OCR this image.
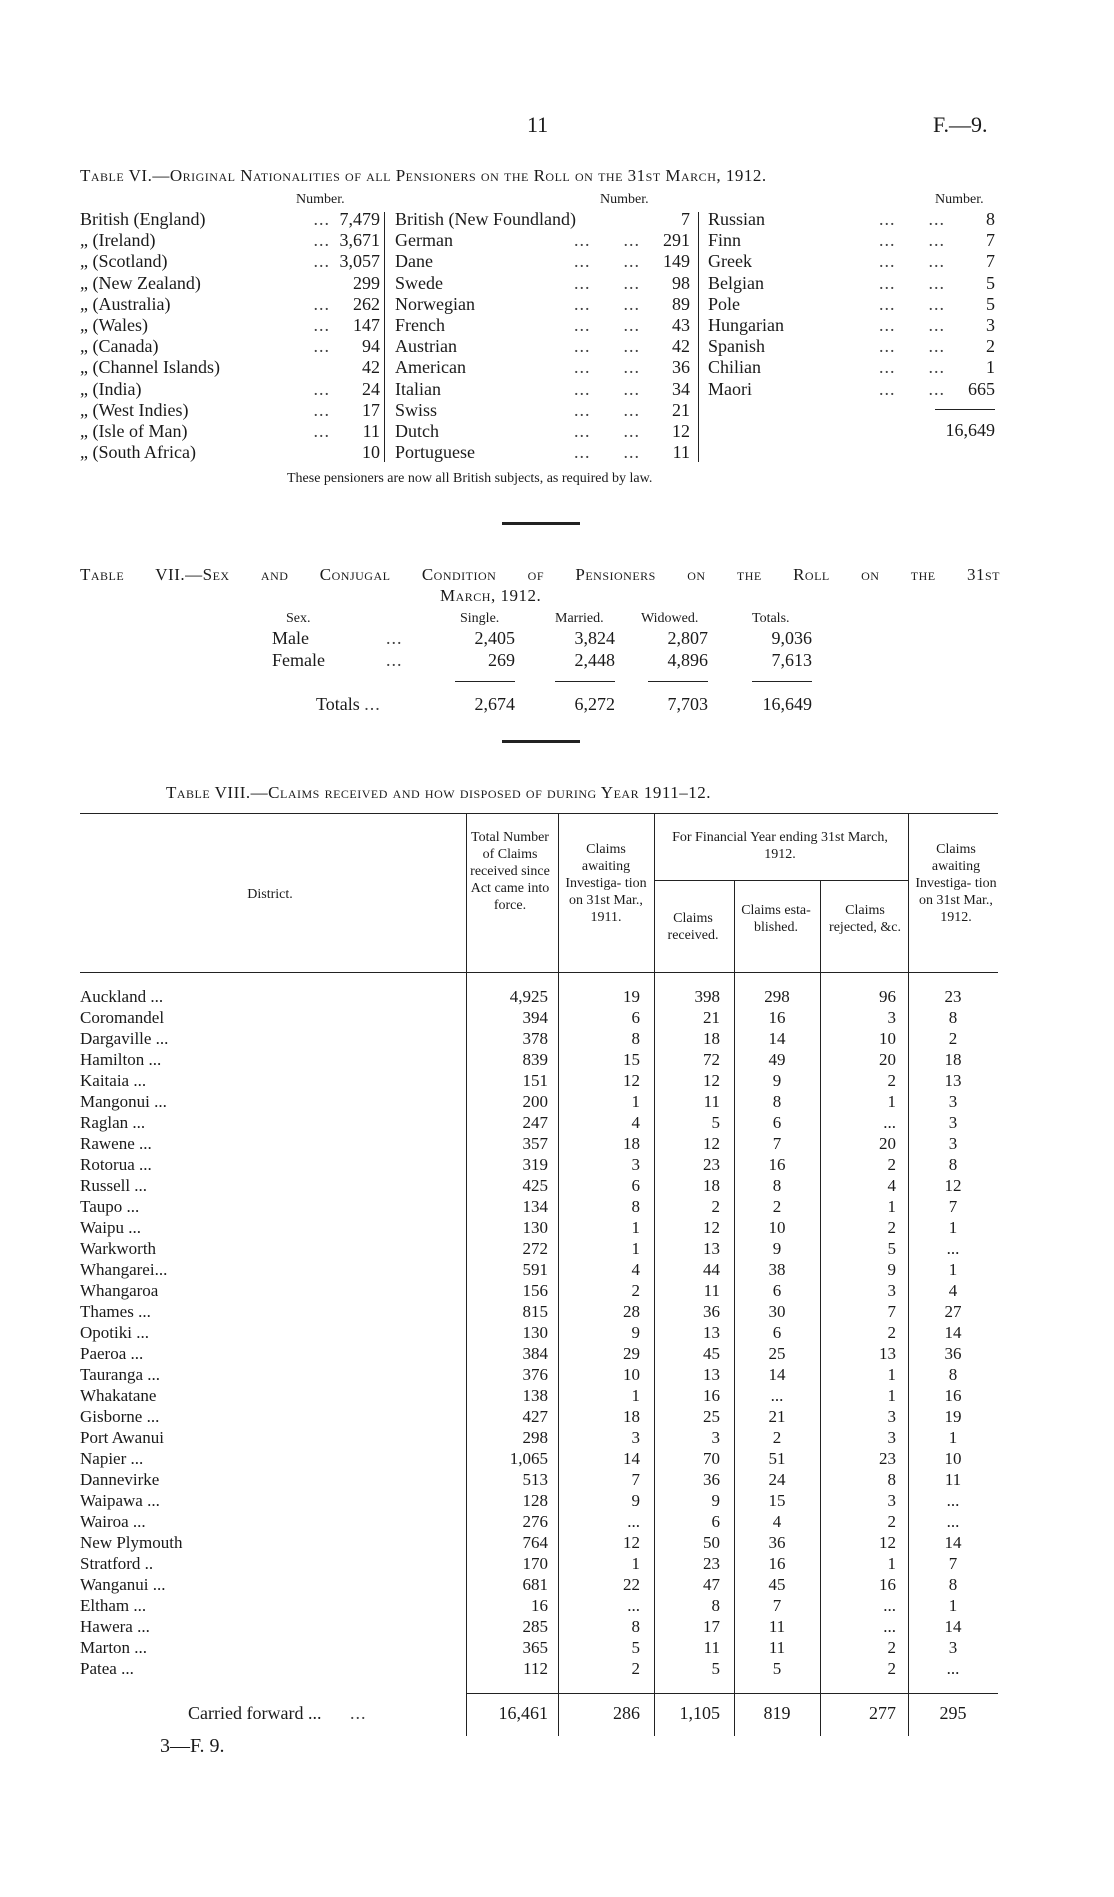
11	F.—9.
Table VI.—Original Nationalities of all Pensioners on the Roll on the 31st March, 1912.
Number.	Number.	Number.
British (England)	... 7,479
„ (Ireland)	... 3,671
„ (Scotland)	... 3,057
„ (New Zealand)	299
„ (Australia)	...	262
„ (Wales)	...	147
„ (Canada)	...	94
„ (Channel Islands)	42
„ (India)	...	24
„ (West Indies)	...	17
„ (Isle of Man)	...	11
„ (South Africa)	10
British (New Foundland)	7
German	...      ...	291
Dane	...      ...	149
Swede	...      ...	98
Norwegian	...      ...	89
French	...      ...	43
Austrian	...      ...	42
American	...      ...	36
Italian	...      ...	34
Swiss	...      ...	21
Dutch	...      ...	12
Portuguese	...      ...	11
Russian	...      ...	8
Finn	...      ...	7
Greek	...      ...	7
Belgian	...      ...	5
Pole	...      ...	5
Hungarian	...      ...	3
Spanish	...      ...	2
Chilian	...      ...	1
Maori	...      ...	665
16,649
These pensioners are now all British subjects, as required by law.
Table VII.—Sex and Conjugal Condition of Pensioners on the Roll on the 31st
March, 1912.
Sex.	Single.	Married.	Widowed.	Totals.
Male	...	2,405	3,824	2,807	9,036
Female	...	269	2,448	4,896	7,613
Totals ...	2,674	6,272	7,703	16,649
Table VIII.—Claims received and how disposed of during Year 1911–12.
District.
Total Number of Claims received since Act came into force.
Claims awaiting Investiga- tion on 31st Mar., 1911.
For Financial Year ending 31st March, 1912.
Claims received.
Claims esta- blished.
Claims rejected, &c.
Claims awaiting Investiga- tion on 31st Mar., 1912.
Auckland ...	4,925	19	398	298	96	23
Coromandel	394	6	21	16	3	8
Dargaville ...	378	8	18	14	10	2
Hamilton ...	839	15	72	49	20	18
Kaitaia ...	151	12	12	9	2	13
Mangonui ...	200	1	11	8	1	3
Raglan ...	247	4	5	6	...	3
Rawene ...	357	18	12	7	20	3
Rotorua ...	319	3	23	16	2	8
Russell ...	425	6	18	8	4	12
Taupo ...	134	8	2	2	1	7
Waipu ...	130	1	12	10	2	1
Warkworth	272	1	13	9	5	...
Whangarei...	591	4	44	38	9	1
Whangaroa	156	2	11	6	3	4
Thames ...	815	28	36	30	7	27
Opotiki ...	130	9	13	6	2	14
Paeroa ...	384	29	45	25	13	36
Tauranga ...	376	10	13	14	1	8
Whakatane	138	1	16	...	1	16
Gisborne ...	427	18	25	21	3	19
Port Awanui	298	3	3	2	3	1
Napier ...	1,065	14	70	51	23	10
Dannevirke	513	7	36	24	8	11
Waipawa ...	128	9	9	15	3	...
Wairoa ...	276	...	6	4	2	...
New Plymouth	764	12	50	36	12	14
Stratford ..	170	1	23	16	1	7
Wanganui ...	681	22	47	45	16	8
Eltham ...	16	...	8	7	...	1
Hawera ...	285	8	17	11	...	14
Marton ...	365	5	11	11	2	3
Patea ...	112	2	5	5	2	...
Carried forward ... ...	16,461	286	1,105	819	277	295
3—F. 9.
